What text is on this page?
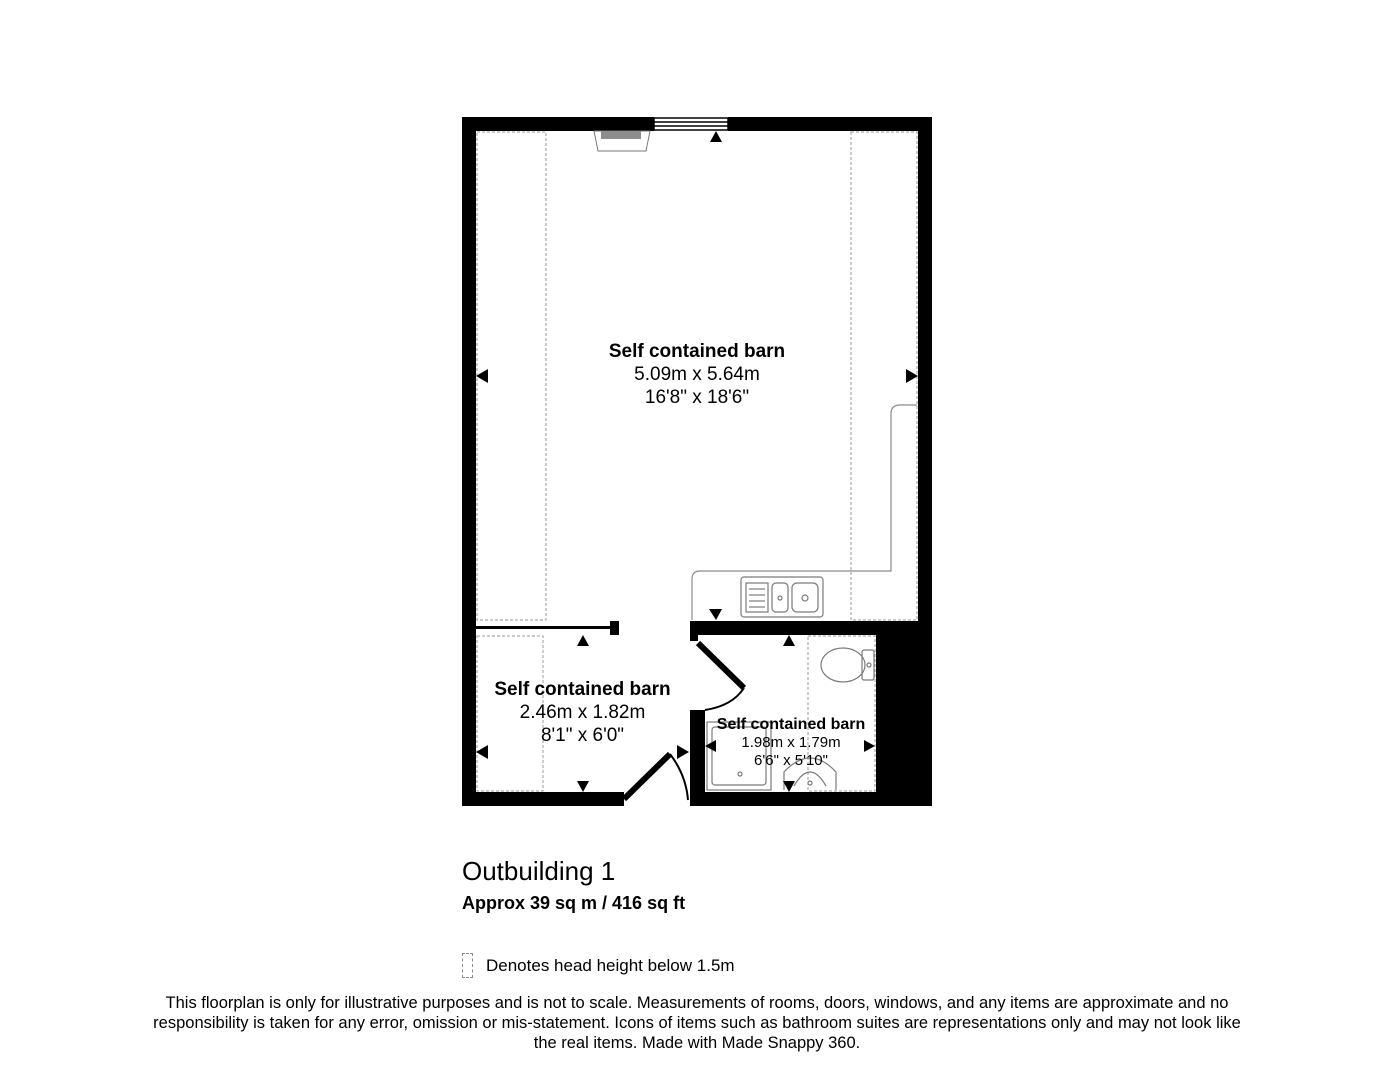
Self contained barn
5.09m x 5.64m
16'8" x 18'6"
Self contained barn
2.46m x 1.82m
8'1" x 6'0"
Self contained barn
1.98m x 1.79m
6'6" x 5'10"
Outbuilding 1
Approx 39 sq m / 416 sq ft
Denotes head height below 1.5m
This floorplan is only for illustrative purposes and is not to scale. Measurements of rooms, doors, windows, and any items are approximate and no responsibility is taken for any error, omission or mis-statement. Icons of items such as bathroom suites are representations only and may not look like the real items. Made with Made Snappy 360.
